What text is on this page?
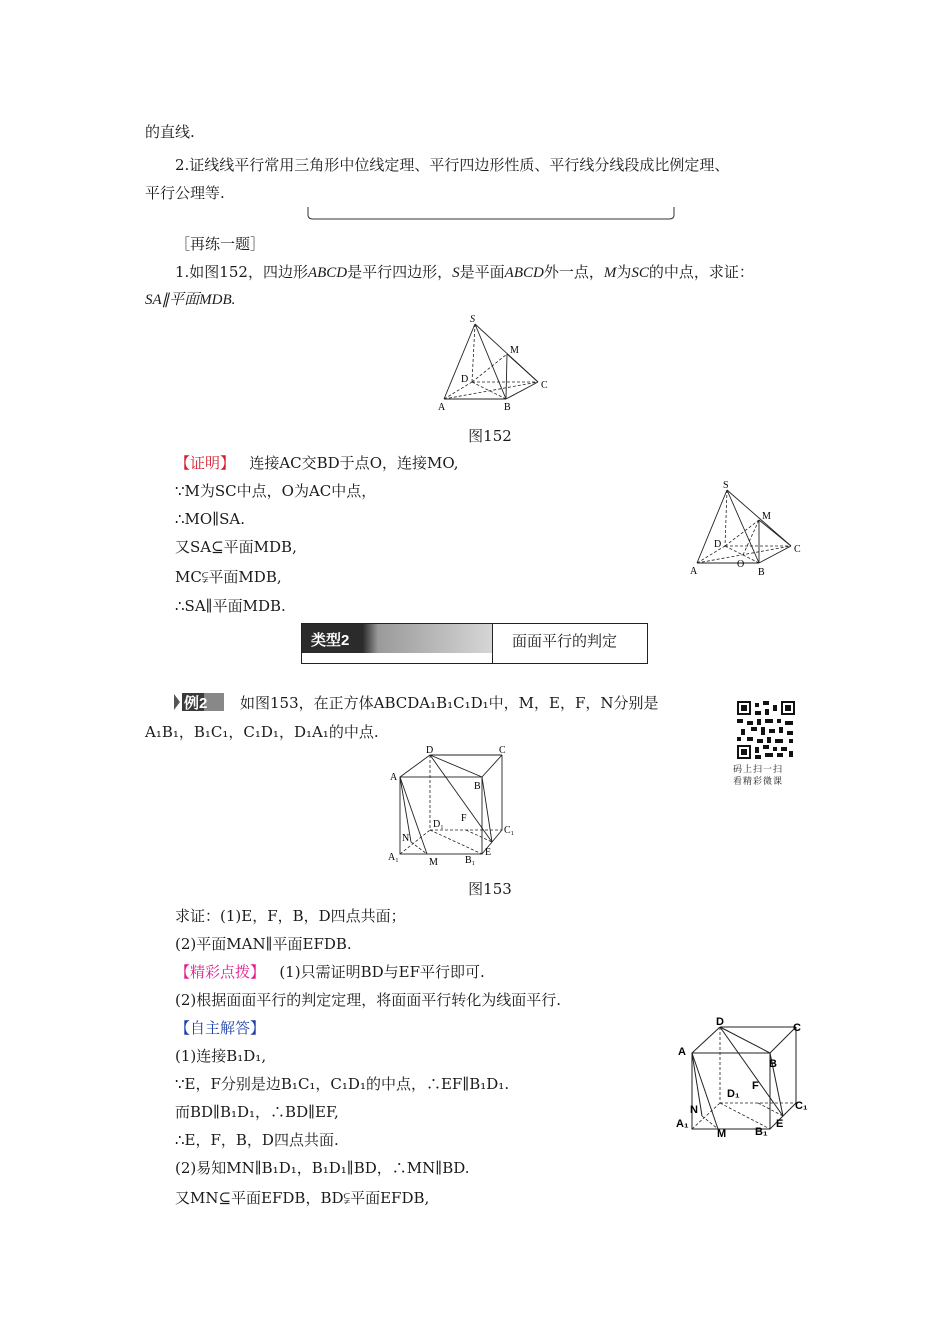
的直线.
2.证线线平行常用三角形中位线定理、平行四边形性质、平行线分线段成比例定理、
平行公理等.
［再练一题］
1.如图152，四边形ABCD是平行四边形，S是平面ABCD外一点，M为SC的中点，求证：
SA∥平面MDB.
S
M
D
C
A	B
图152
【证明】 连接AC交BD于点O，连接MO,
∵M为SC中点，O为AC中点，
∴MO∥SA.
又SA⊆平面MDB,
MC⫋平面MDB,
∴SA∥平面MDB.
S
M
D	C
A
O
B
类型2	面面平行的判定
例2 如图153，在正方体ABCDA₁B₁C₁D₁中，M，E，F，N分别是
A₁B₁，B₁C₁，C₁D₁，D₁A₁的中点.
码上扫一扫
看精彩微课
D	C
A
B
D₁
F
C₁
N
E
A₁	M	B₁
图153
求证：(1)E，F，B，D四点共面；
(2)平面MAN∥平面EFDB.
【精彩点拨】 (1)只需证明BD与EF平行即可.
(2)根据面面平行的判定定理，将面面平行转化为线面平行.
【自主解答】
(1)连接B₁D₁,
∵E，F分别是边B₁C₁，C₁D₁的中点，∴EF∥B₁D₁.
而BD∥B₁D₁，∴BD∥EF,
∴E，F，B，D四点共面.
(2)易知MN∥B₁D₁，B₁D₁∥BD，∴MN∥BD.
又MN⊆平面EFDB，BD⫋平面EFDB,
D	C
A
B
D₁
F
C₁
N
E
A₁
M	B₁
